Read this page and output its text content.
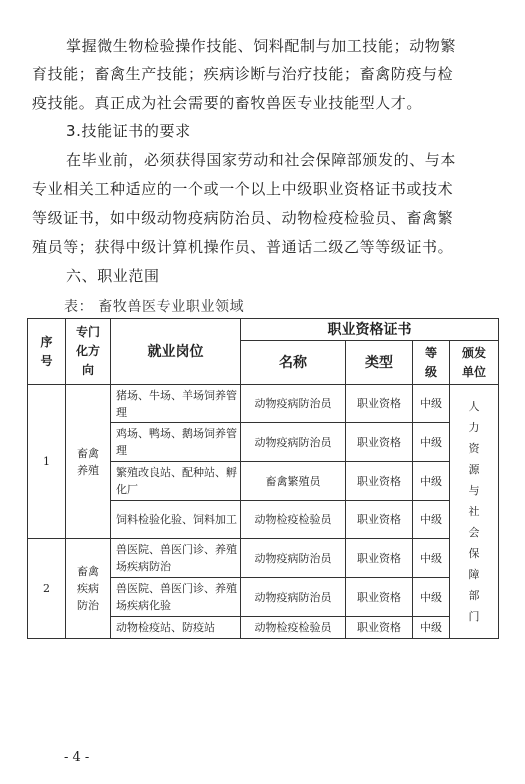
掌握微生物检验操作技能、饲料配制与加工技能；动物繁
育技能；畜禽生产技能；疾病诊断与治疗技能；畜禽防疫与检
疫技能。真正成为社会需要的畜牧兽医专业技能型人才。
3.技能证书的要求
在毕业前，必须获得国家劳动和社会保障部颁发的、与本
专业相关工种适应的一个或一个以上中级职业资格证书或技术
等级证书，如中级动物疫病防治员、动物检疫检验员、畜禽繁
殖员等；获得中级计算机操作员、普通话二级乙等等级证书。
六、职业范围
表： 畜牧兽医专业职业领域
序号	专门化方向	就业岗位	职业资格证书			
			名称	类型	等级	颁发单位
1	畜禽养殖	猪场、牛场、羊场饲养管理	动物疫病防治员	职业资格	中级	人力资源与社会保障部门
		鸡场、鸭场、鹅场饲养管理	动物疫病防治员	职业资格	中级	
		繁殖改良站、配种站、孵化厂	畜禽繁殖员	职业资格	中级	
		饲料检验化验、饲料加工	动物检疫检验员	职业资格	中级	
2	畜禽疾病防治	兽医院、兽医门诊、养殖场疾病防治	动物疫病防治员	职业资格	中级	
		兽医院、兽医门诊、养殖场疾病化验	动物疫病防治员	职业资格	中级	
		动物检疫站、防疫站	动物检疫检验员	职业资格	中级	
- 4 -
